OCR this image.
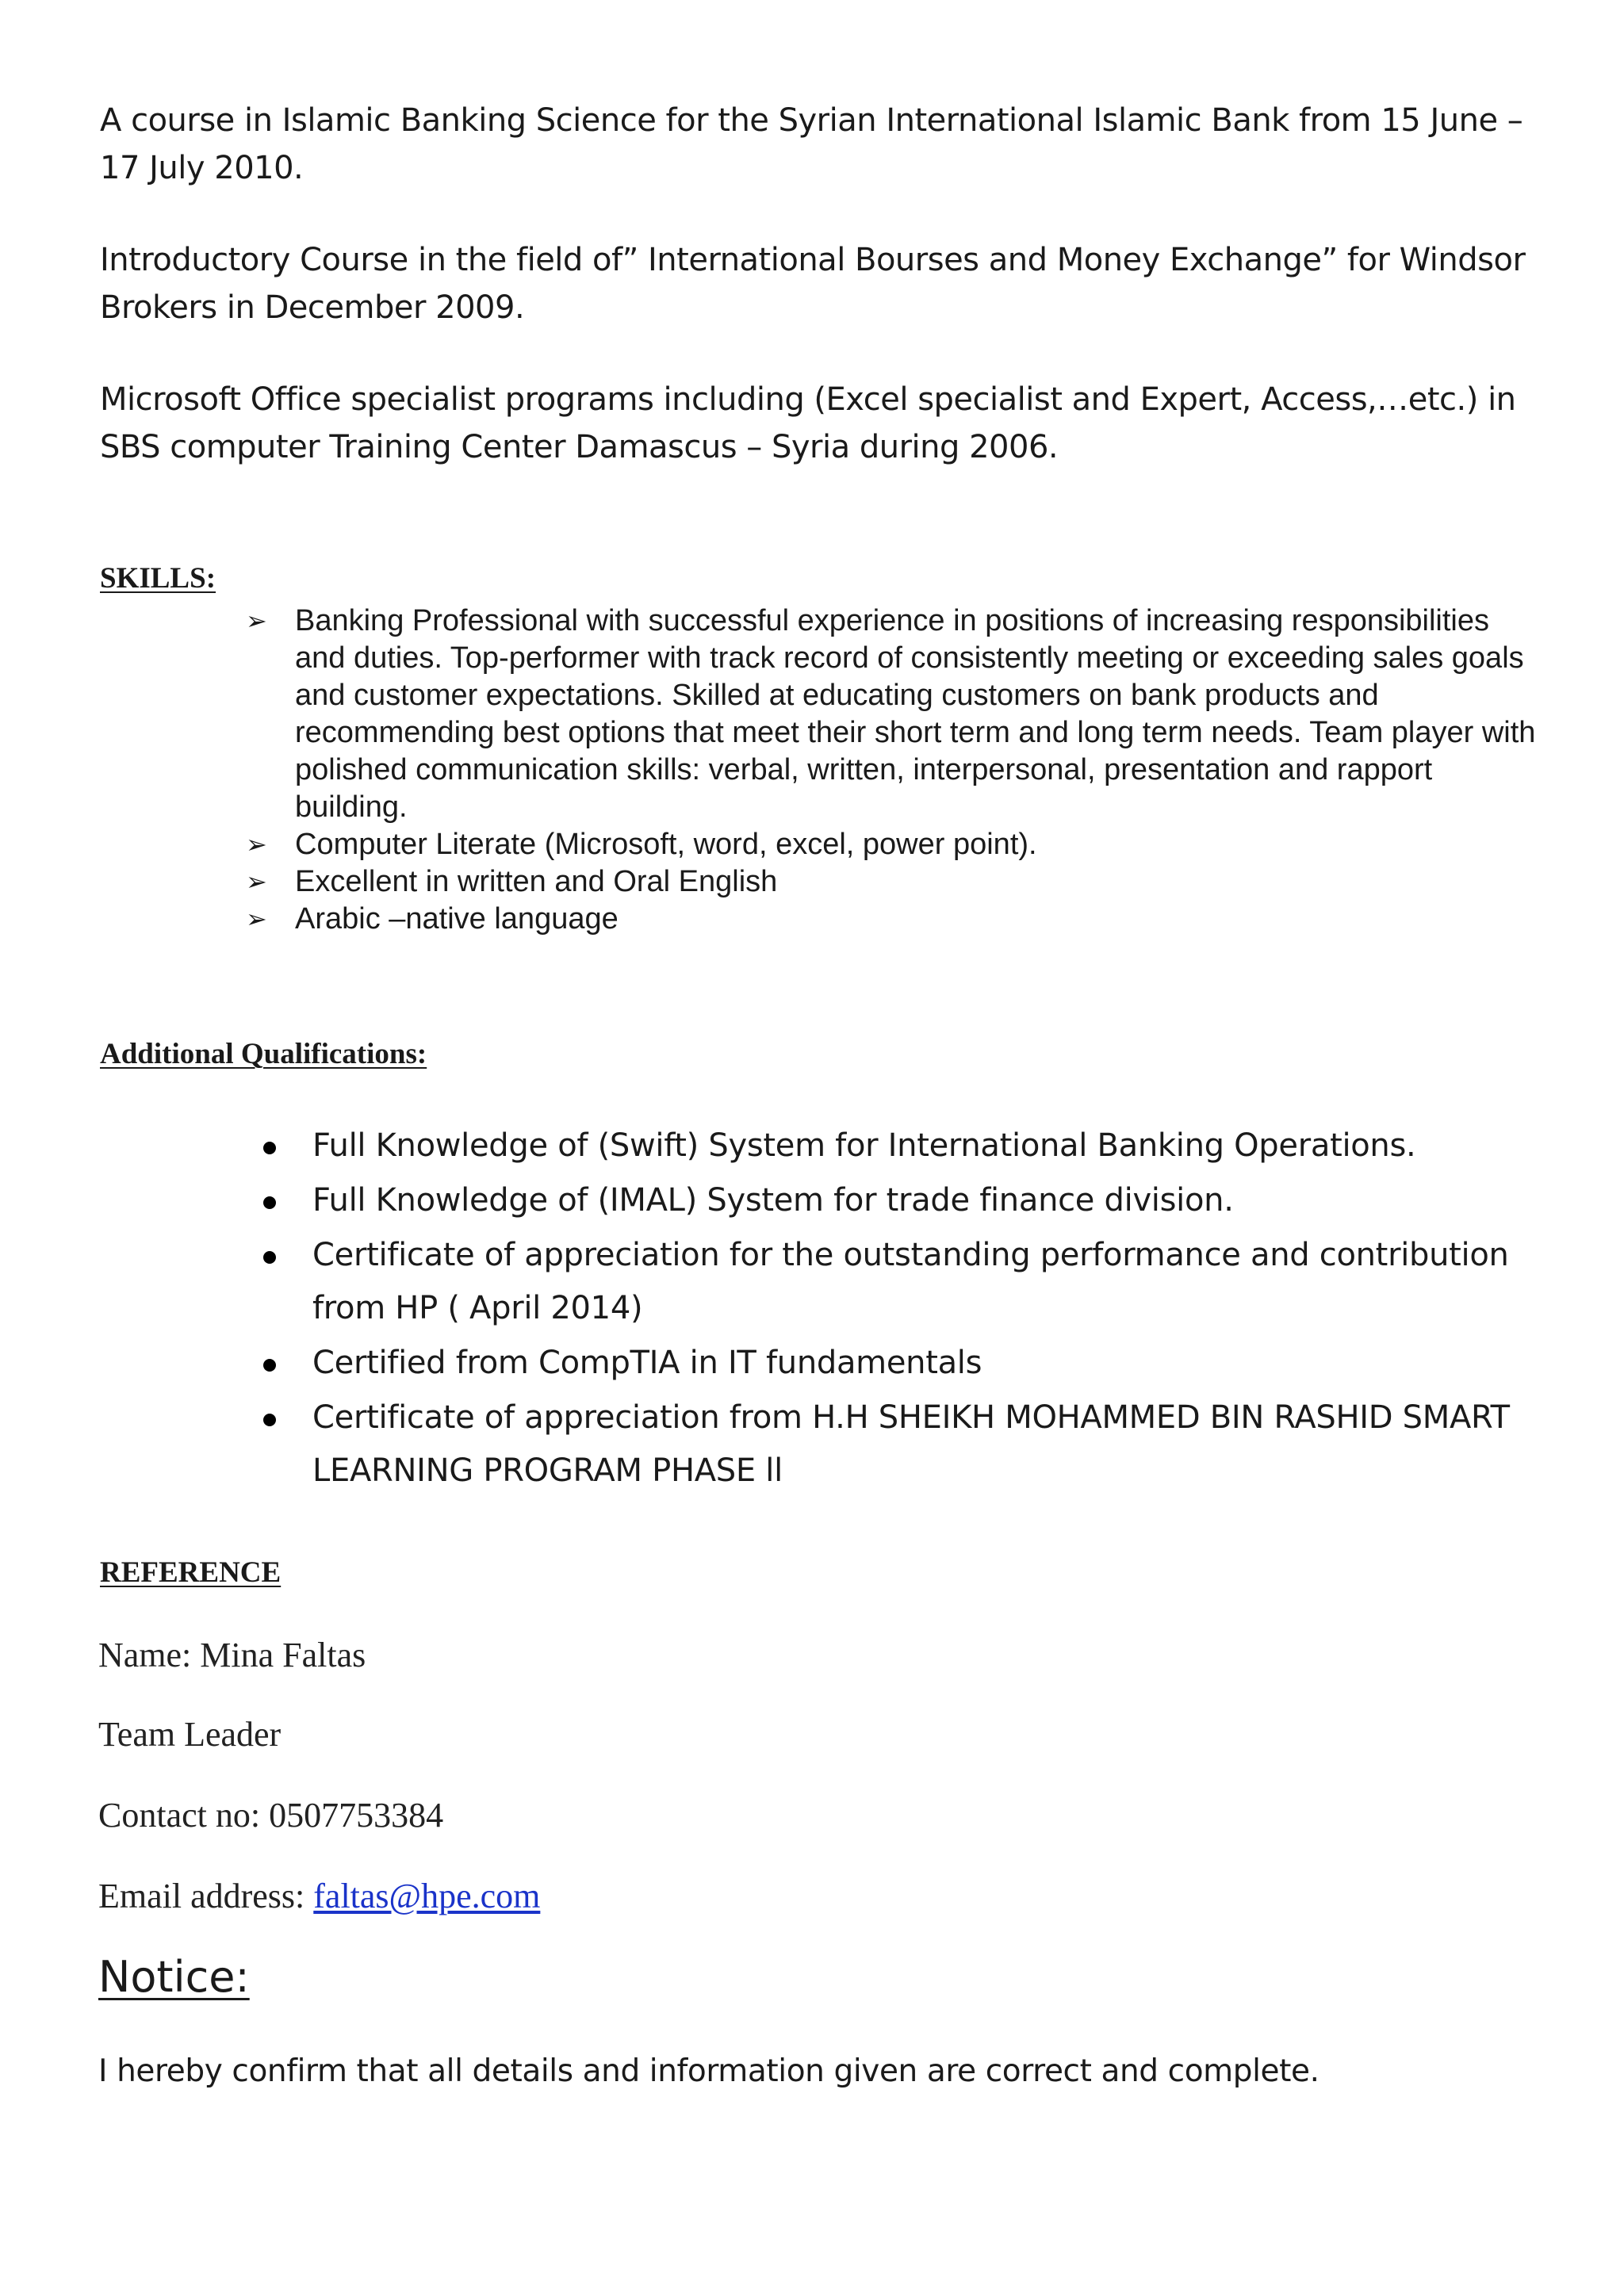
A course in Islamic Banking Science for the Syrian International Islamic Bank from 15 June – 17 July 2010.

Introductory Course in the field of” International Bourses and Money Exchange” for Windsor Brokers in December 2009.

Microsoft Office specialist programs including (Excel specialist and Expert, Access,…etc.) in SBS computer Training Center Damascus – Syria during 2006.

SKILLS:
➢ Banking Professional with successful experience in positions of increasing responsibilities and duties. Top-performer with track record of consistently meeting or exceeding sales goals and customer expectations. Skilled at educating customers on bank products and recommending best options that meet their short term and long term needs. Team player with polished communication skills: verbal, written, interpersonal, presentation and rapport building.
➢ Computer Literate (Microsoft, word, excel, power point).
➢ Excellent in written and Oral English
➢ Arabic –native language
Additional Qualifications:
Full Knowledge of (Swift) System for International Banking Operations.
Full Knowledge of (IMAL) System for trade finance division.
Certificate of appreciation for the outstanding performance and contribution from HP ( April 2014)
Certified from CompTIA in IT fundamentals
Certificate of appreciation from H.H SHEIKH MOHAMMED BIN RASHID SMART LEARNING PROGRAM PHASE ll
REFERENCE

Name: Mina Faltas

Team Leader

Contact no: 0507753384

Email address: faltas@hpe.com

Notice:

I hereby confirm that all details and information given are correct and complete.
